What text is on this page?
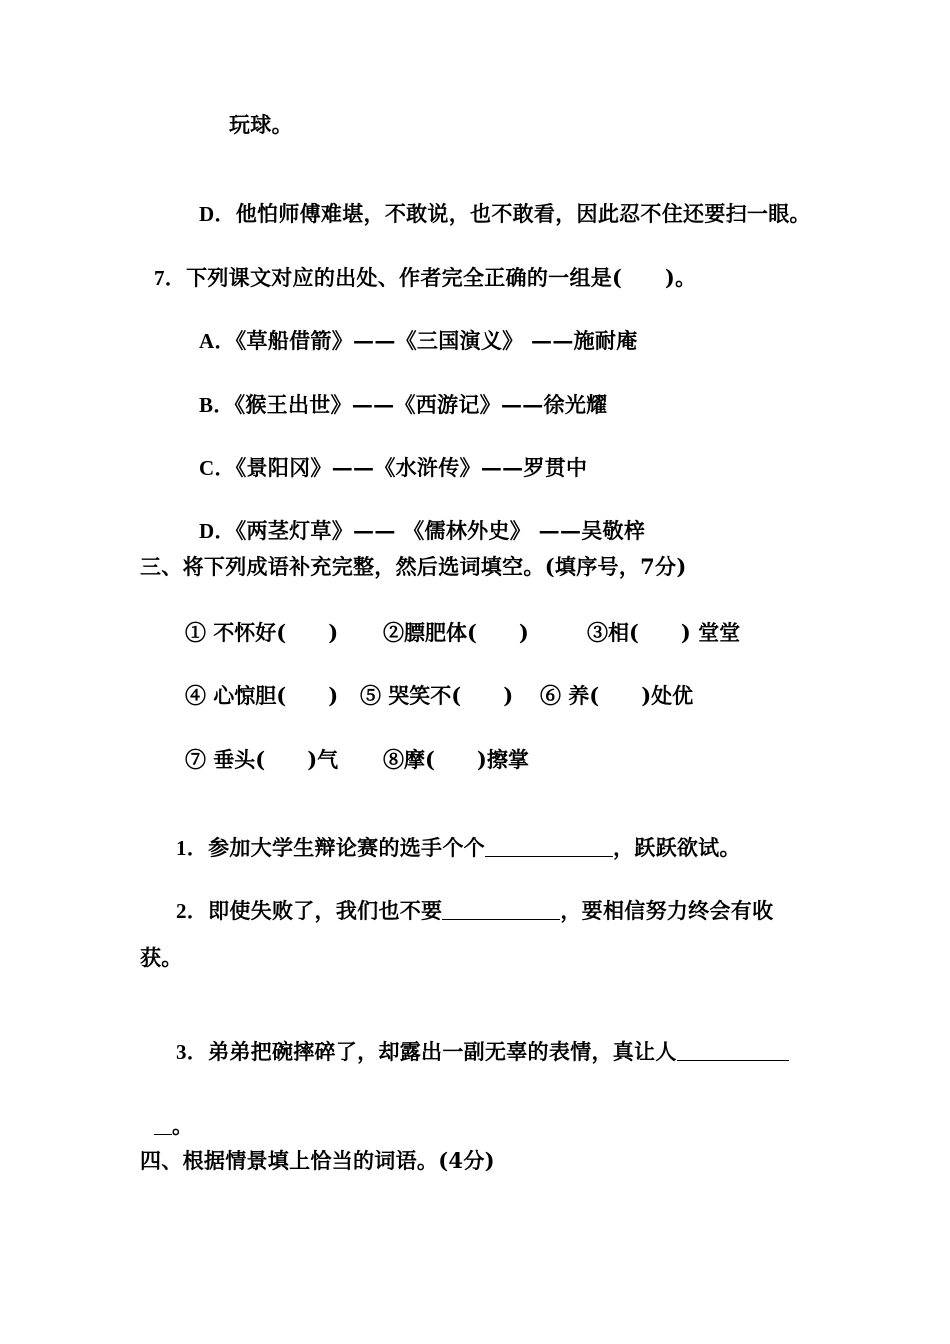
玩球。

D．他怕师傅难堪，不敢说，也不敢看，因此忍不住还要扫一眼。

7．下列课文对应的出处、作者完全正确的一组是(　　)。

A．《草船借箭》——《三国演义》 ——施耐庵

B．《猴王出世》——《西游记》——徐光耀

C．《景阳冈》——《水浒传》——罗贯中

D．《两茎灯草》—— 《儒林外史》 ——吴敬梓

三、将下列成语补充完整，然后选词填空。(填序号，7分)

① 不怀好(　　)

②膘肥体(　　)

	③相(　　) 堂堂

④ 心惊胆(　　)

⑤ 哭笑不(　　)

⑥ 养(　　)处优

⑦ 垂头(　　)气

⑧摩(　　)擦掌

1．参加大学生辩论赛的选手个个	，跃跃欲试。

2．即使失败了，我们也不要	，要相信努力终会有收

获。

3．弟弟把碗摔碎了，却露出一副无辜的表情，真让人

。

四、根据情景填上恰当的词语。(4分)
